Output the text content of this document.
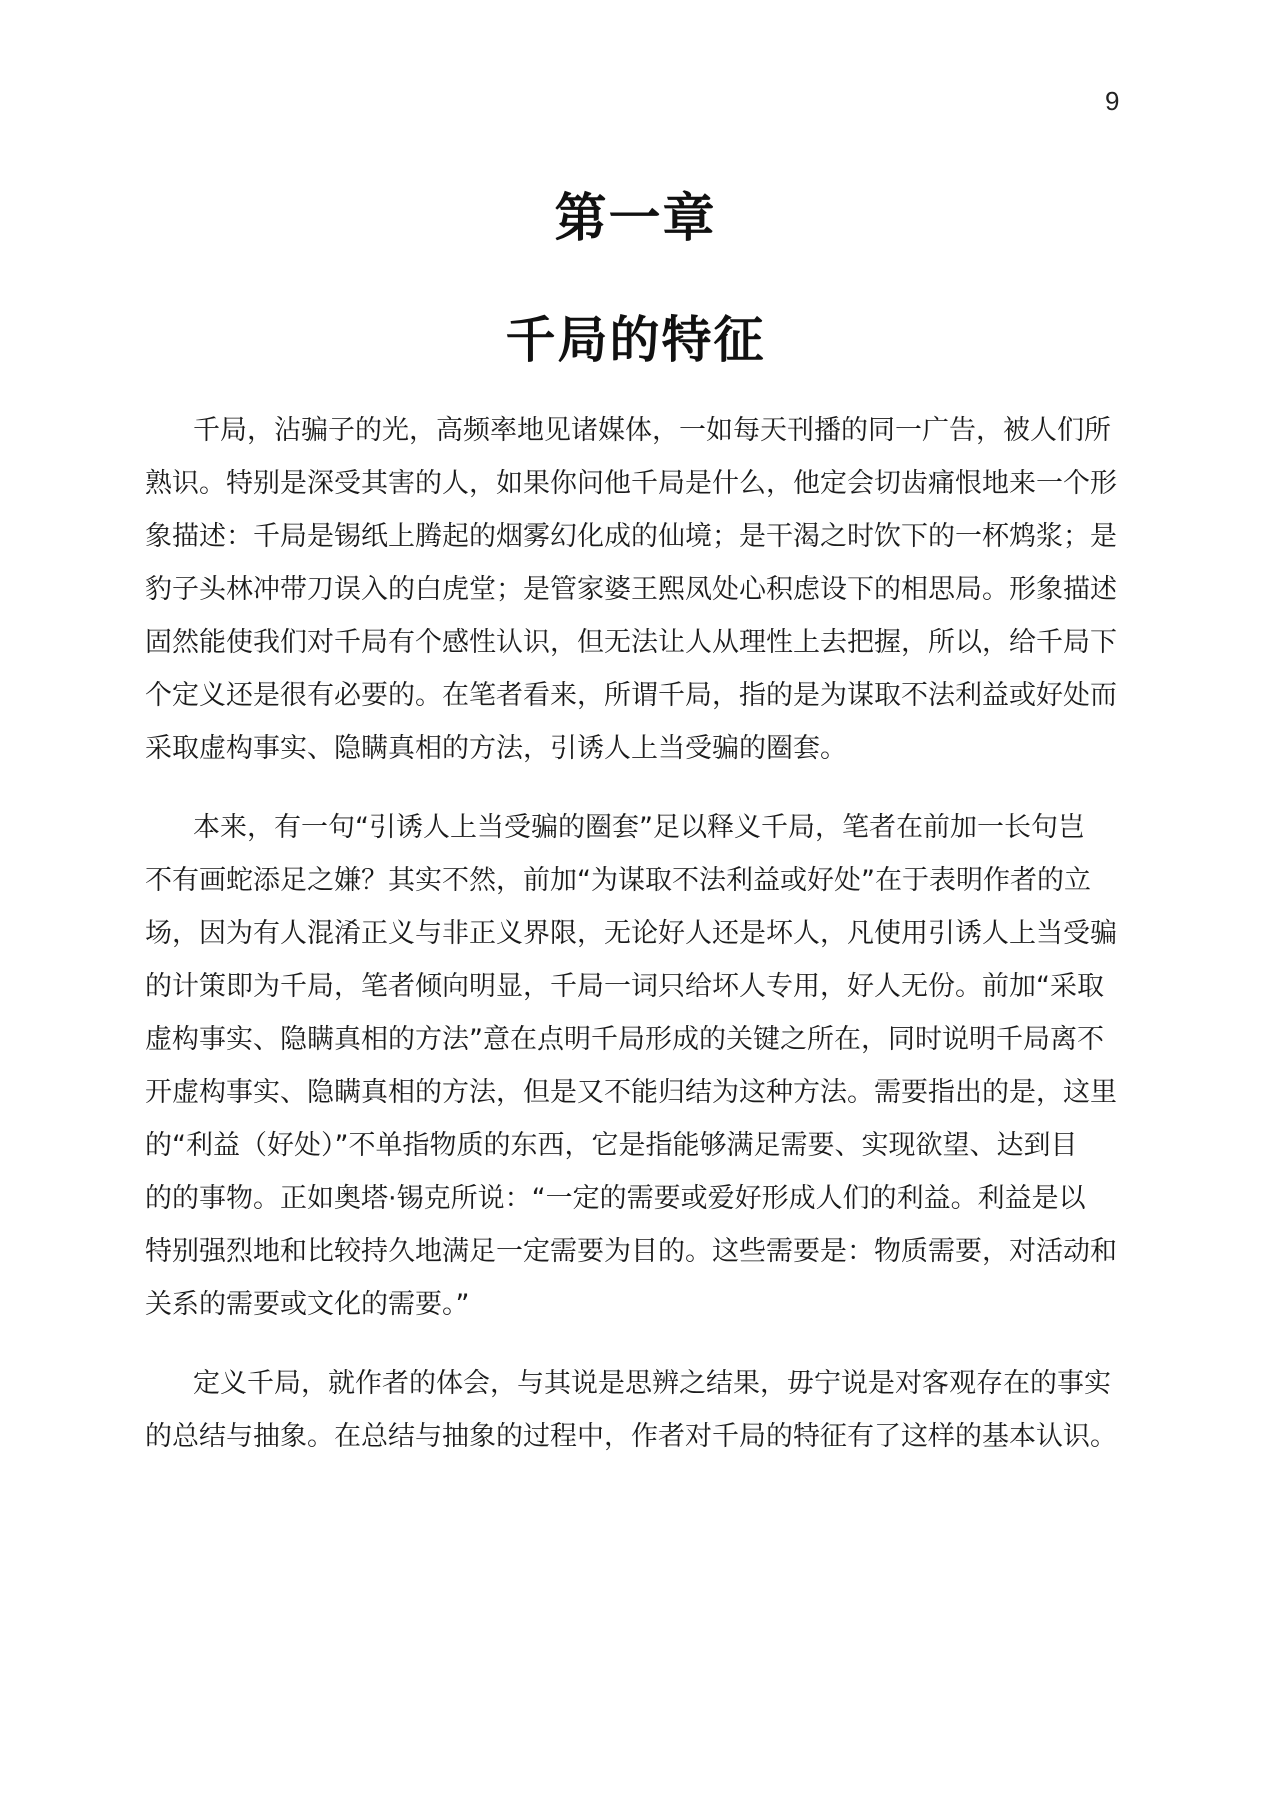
9
第一章
千局的特征

千局，沾骗子的光，高频率地见诸媒体，一如每天刊播的同一广告，被人们所
熟识。特别是深受其害的人，如果你问他千局是什么，他定会切齿痛恨地来一个形
象描述：千局是锡纸上腾起的烟雾幻化成的仙境；是干渴之时饮下的一杯鸩浆；是
豹子头林冲带刀误入的白虎堂；是管家婆王熙凤处心积虑设下的相思局。形象描述
固然能使我们对千局有个感性认识，但无法让人从理性上去把握，所以，给千局下
个定义还是很有必要的。在笔者看来，所谓千局，指的是为谋取不法利益或好处而
采取虚构事实、隐瞒真相的方法，引诱人上当受骗的圈套。

本来，有一句“引诱人上当受骗的圈套”足以释义千局，笔者在前加一长句岂
不有画蛇添足之嫌？其实不然，前加“为谋取不法利益或好处”在于表明作者的立
场，因为有人混淆正义与非正义界限，无论好人还是坏人，凡使用引诱人上当受骗
的计策即为千局，笔者倾向明显，千局一词只给坏人专用，好人无份。前加“采取
虚构事实、隐瞒真相的方法”意在点明千局形成的关键之所在，同时说明千局离不
开虚构事实、隐瞒真相的方法，但是又不能归结为这种方法。需要指出的是，这里
的“利益（好处）”不单指物质的东西，它是指能够满足需要、实现欲望、达到目
的的事物。正如奥塔·锡克所说：“一定的需要或爱好形成人们的利益。利益是以
特别强烈地和比较持久地满足一定需要为目的。这些需要是：物质需要，对活动和
关系的需要或文化的需要。”

定义千局，就作者的体会，与其说是思辨之结果，毋宁说是对客观存在的事实
的总结与抽象。在总结与抽象的过程中，作者对千局的特征有了这样的基本认识。
